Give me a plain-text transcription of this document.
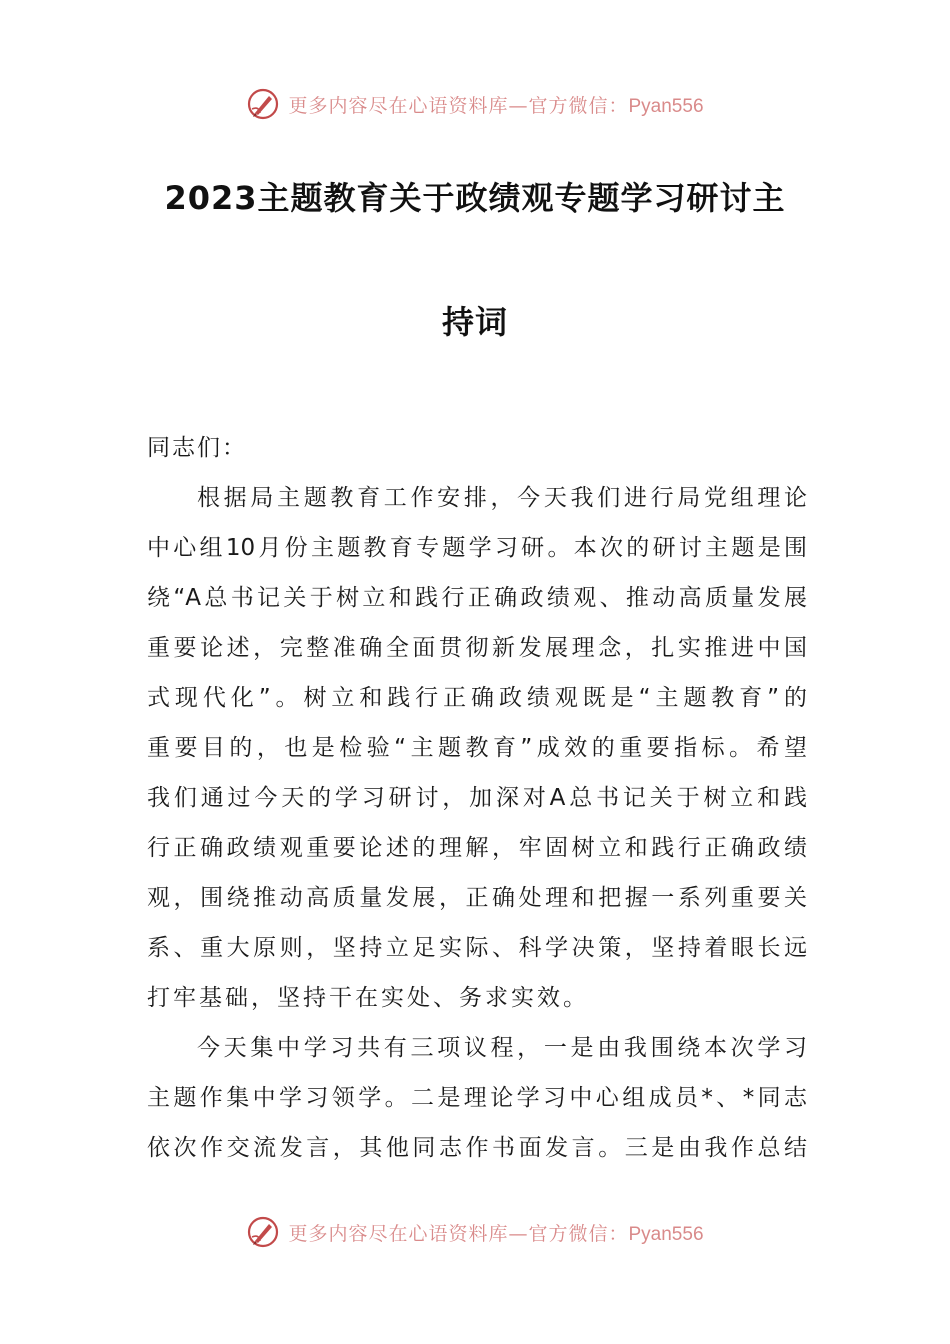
更多内容尽在心语资料库—官方微信：Pyan556
2023主题教育关于政绩观专题学习研讨主
持词
同志们：
根据局主题教育工作安排，今天我们进行局党组理论
中心组10月份主题教育专题学习研。本次的研讨主题是围
绕“A总书记关于树立和践行正确政绩观、推动高质量发展
重要论述，完整准确全面贯彻新发展理念，扎实推进中国
式现代化”。树立和践行正确政绩观既是“主题教育”的
重要目的，也是检验“主题教育”成效的重要指标。希望
我们通过今天的学习研讨，加深对A总书记关于树立和践
行正确政绩观重要论述的理解，牢固树立和践行正确政绩
观，围绕推动高质量发展，正确处理和把握一系列重要关
系、重大原则，坚持立足实际、科学决策，坚持着眼长远
打牢基础，坚持干在实处、务求实效。
今天集中学习共有三项议程，一是由我围绕本次学习
主题作集中学习领学。二是理论学习中心组成员*、*同志
依次作交流发言，其他同志作书面发言。三是由我作总结
更多内容尽在心语资料库—官方微信：Pyan556
